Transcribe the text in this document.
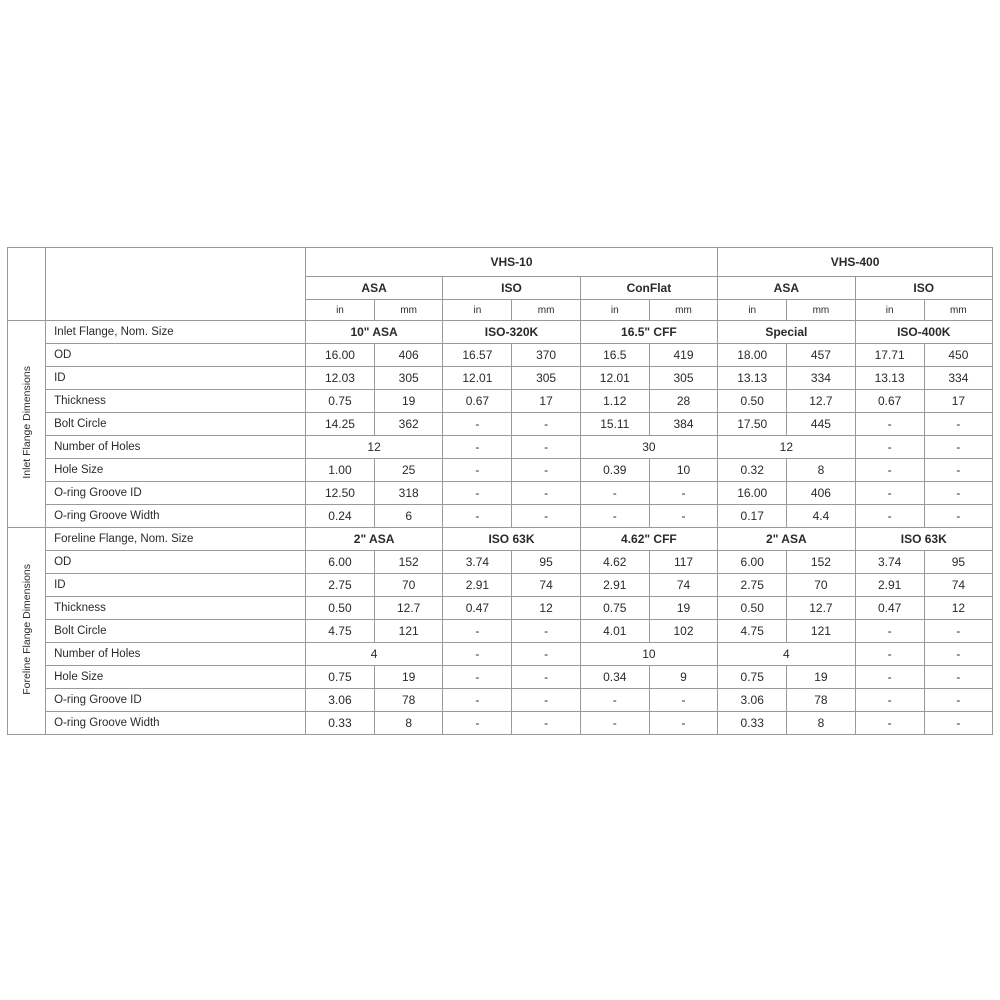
		VHS-10						VHS-400			
		ASA		ISO		ConFlat		ASA		ISO	
		in	mm	in	mm	in	mm	in	mm	in	mm
Inlet Flange Dimensions	Inlet Flange, Nom. Size	10" ASA		ISO-320K		16.5" CFF		Special		ISO-400K	
	OD	16.00	406	16.57	370	16.5	419	18.00	457	17.71	450
	ID	12.03	305	12.01	305	12.01	305	13.13	334	13.13	334
	Thickness	0.75	19	0.67	17	1.12	28	0.50	12.7	0.67	17
	Bolt Circle	14.25	362	-	-	15.11	384	17.50	445	-	-
	Number of Holes	12		-	-	30		12		-	-
	Hole Size	1.00	25	-	-	0.39	10	0.32	8	-	-
	O-ring Groove ID	12.50	318	-	-	-	-	16.00	406	-	-
	O-ring Groove Width	0.24	6	-	-	-	-	0.17	4.4	-	-
Foreline Flange Dimensions	Foreline Flange, Nom. Size	2" ASA		ISO 63K		4.62" CFF		2" ASA		ISO 63K	
	OD	6.00	152	3.74	95	4.62	117	6.00	152	3.74	95
	ID	2.75	70	2.91	74	2.91	74	2.75	70	2.91	74
	Thickness	0.50	12.7	0.47	12	0.75	19	0.50	12.7	0.47	12
	Bolt Circle	4.75	121	-	-	4.01	102	4.75	121	-	-
	Number of Holes	4		-	-	10		4		-	-
	Hole Size	0.75	19	-	-	0.34	9	0.75	19	-	-
	O-ring Groove ID	3.06	78	-	-	-	-	3.06	78	-	-
	O-ring Groove Width	0.33	8	-	-	-	-	0.33	8	-	-
